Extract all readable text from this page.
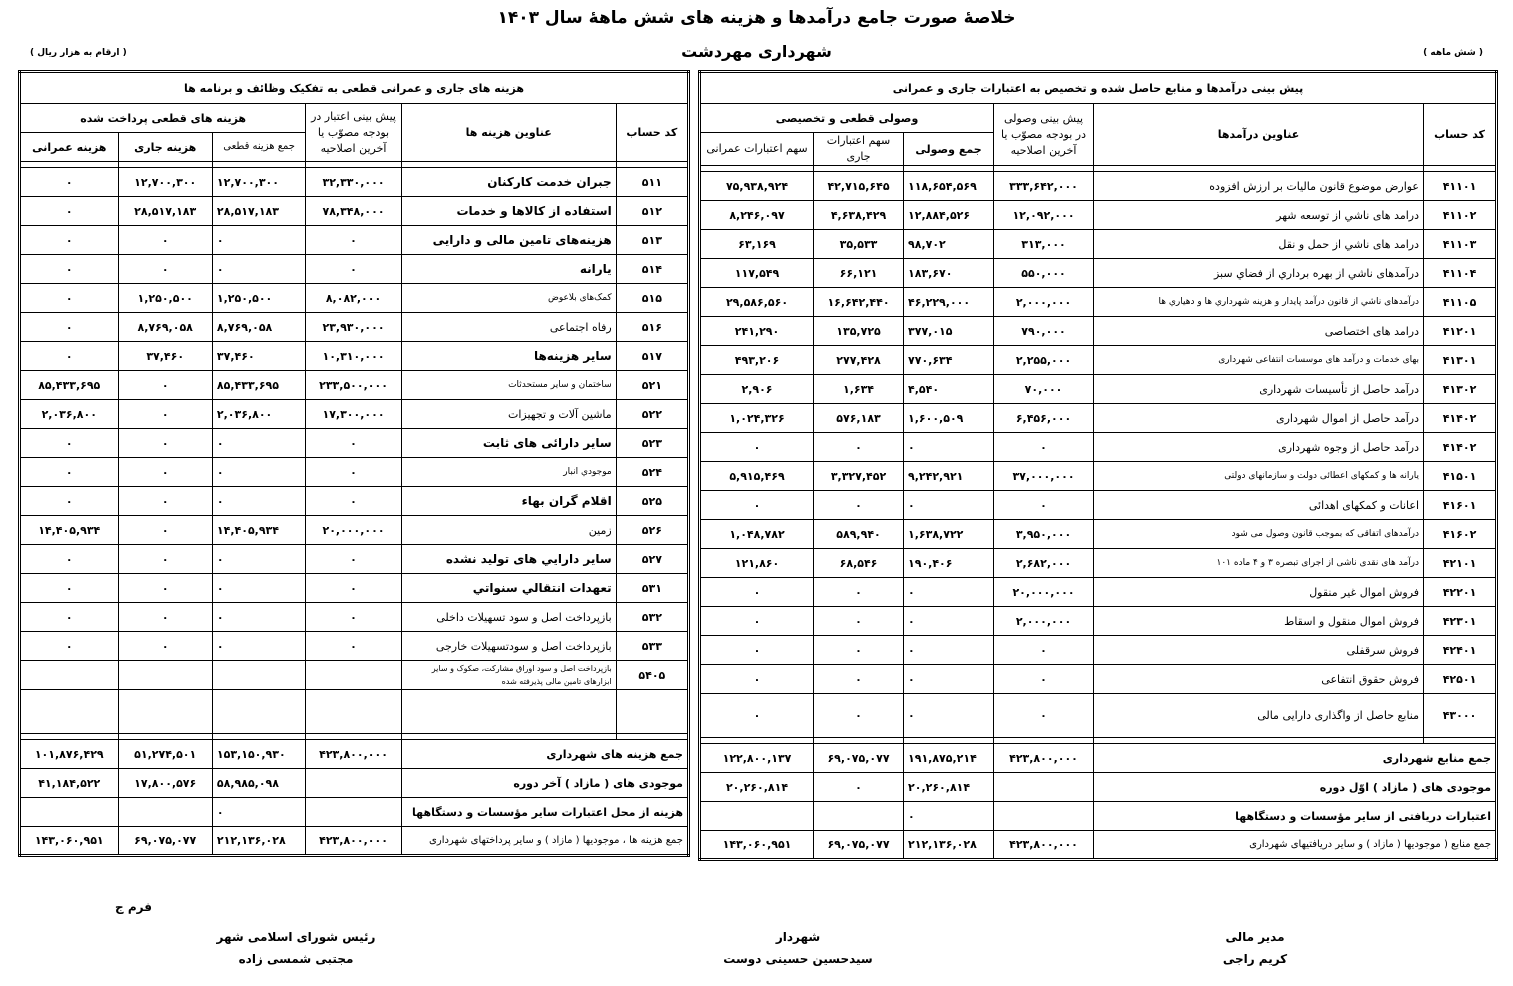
خلاصهٔ صورت جامع درآمدها و هزینه های شش ماههٔ سال ۱۴۰۳
شهرداری مهردشت
( ارقام به هزار ریال )	( شش ماهه )
پیش بینی درآمدها و منابع حاصل شده و تخصیص به اعتبارات جاری و عمرانی					
کد حساب	عناوین درآمدها	پیش بینی وصولی در بودجه مصوّب یا آخرین اصلاحیه	وصولی قطعی و تخصیصی		
			جمع وصولی	سهم اعتبارات جاری	سهم اعتبارات عمرانی

۴۱۱۰۱	عوارض موضوع قانون مالیات بر ارزش افزوده	۳۳۳,۶۴۲,۰۰۰	۱۱۸,۶۵۴,۵۶۹	۴۲,۷۱۵,۶۴۵	۷۵,۹۳۸,۹۲۴
۴۱۱۰۲	درامد های ناشي از توسعه شهر	۱۲,۰۹۲,۰۰۰	۱۲,۸۸۴,۵۲۶	۴,۶۳۸,۴۲۹	۸,۲۴۶,۰۹۷
۴۱۱۰۳	درامد های ناشي از حمل و نقل	۳۱۳,۰۰۰	۹۸,۷۰۲	۳۵,۵۳۳	۶۳,۱۶۹
۴۱۱۰۴	درآمدهای ناشي از بهره برداري از فضاي سبز	۵۵۰,۰۰۰	۱۸۳,۶۷۰	۶۶,۱۲۱	۱۱۷,۵۴۹
۴۱۱۰۵	درآمدهای ناشي از قانون درآمد پايدار و هزينه شهرداري ها و دهياري ها	۲,۰۰۰,۰۰۰	۴۶,۲۲۹,۰۰۰	۱۶,۶۴۲,۴۴۰	۲۹,۵۸۶,۵۶۰
۴۱۲۰۱	درامد های اختصاصی	۷۹۰,۰۰۰	۳۷۷,۰۱۵	۱۳۵,۷۲۵	۲۴۱,۲۹۰
۴۱۳۰۱	بهای خدمات و درآمد های موسسات انتفاعی شهرداری	۲,۲۵۵,۰۰۰	۷۷۰,۶۳۴	۲۷۷,۴۲۸	۴۹۳,۲۰۶
۴۱۳۰۲	درآمد حاصل از تأسیسات شهرداری	۷۰,۰۰۰	۴,۵۴۰	۱,۶۳۴	۲,۹۰۶
۴۱۴۰۲	درآمد حاصل از اموال شهرداری	۶,۴۵۶,۰۰۰	۱,۶۰۰,۵۰۹	۵۷۶,۱۸۳	۱,۰۲۴,۳۲۶
۴۱۴۰۲	درآمد حاصل از وجوه شهرداری	۰	۰	۰	۰
۴۱۵۰۱	یارانه ها و کمکهای اعطائی دولت و سازمانهای دولتی	۳۷,۰۰۰,۰۰۰	۹,۲۴۲,۹۲۱	۳,۳۲۷,۴۵۲	۵,۹۱۵,۴۶۹
۴۱۶۰۱	اعانات و کمکهای اهدائی	۰	۰	۰	۰
۴۱۶۰۲	درآمدهای اتفاقی که بموجب قانون وصول می شود	۳,۹۵۰,۰۰۰	۱,۶۳۸,۷۲۲	۵۸۹,۹۴۰	۱,۰۴۸,۷۸۲
۴۲۱۰۱	درآمد های نقدی ناشی از اجرای تبصره ۳ و ۴ ماده ۱۰۱	۲,۶۸۲,۰۰۰	۱۹۰,۴۰۶	۶۸,۵۴۶	۱۲۱,۸۶۰
۴۲۲۰۱	فروش اموال غیر منقول	۲۰,۰۰۰,۰۰۰	۰	۰	۰
۴۲۳۰۱	فروش اموال منقول و اسقاط	۲,۰۰۰,۰۰۰	۰	۰	۰
۴۲۴۰۱	فروش سرقفلی	۰	۰	۰	۰
۴۲۵۰۱	فروش حقوق انتفاعی	۰	۰	۰	۰
۴۳۰۰۰	منابع حاصل از واگذاری دارایی مالی	۰	۰	۰	۰

جمع منابع شهرداری		۴۲۳,۸۰۰,۰۰۰	۱۹۱,۸۷۵,۲۱۴	۶۹,۰۷۵,۰۷۷	۱۲۲,۸۰۰,۱۳۷
موجودی های ( مازاد ) اوّل دوره			۲۰,۲۶۰,۸۱۴	۰	۲۰,۲۶۰,۸۱۴
اعتبارات دریافتی از سایر مؤسسات و دستگاهها			۰		
جمع منابع ( موجودیها ( مازاد ) و سایر دریافتیهای شهرداری		۴۲۳,۸۰۰,۰۰۰	۲۱۲,۱۳۶,۰۲۸	۶۹,۰۷۵,۰۷۷	۱۴۳,۰۶۰,۹۵۱
هزینه های جاری و عمرانی قطعی به تفکیک وظائف و برنامه ها					
کد حساب	عناوین هزینه ها	پیش بینی اعتبار در بودجه مصوّب یا آخرین اصلاحیه	هزینه های قطعی پرداخت شده		
			جمع هزینه قطعی	هزینه جاری	هزینه عمرانی

۵۱۱	جبران خدمت کارکنان	۳۲,۳۳۰,۰۰۰	۱۲,۷۰۰,۳۰۰	۱۲,۷۰۰,۳۰۰	۰
۵۱۲	استفاده از کالاها و خدمات	۷۸,۳۴۸,۰۰۰	۲۸,۵۱۷,۱۸۳	۲۸,۵۱۷,۱۸۳	۰
۵۱۳	هزینه‌های تامین مالی و دارایی	۰	۰	۰	۰
۵۱۴	یارانه	۰	۰	۰	۰
۵۱۵	کمک‌های بلاعوض	۸,۰۸۲,۰۰۰	۱,۲۵۰,۵۰۰	۱,۲۵۰,۵۰۰	۰
۵۱۶	رفاه اجتماعی	۲۳,۹۳۰,۰۰۰	۸,۷۶۹,۰۵۸	۸,۷۶۹,۰۵۸	۰
۵۱۷	سایر هزینه‌ها	۱۰,۳۱۰,۰۰۰	۳۷,۴۶۰	۳۷,۴۶۰	۰
۵۲۱	ساختمان و سایر مستحدثات	۲۳۳,۵۰۰,۰۰۰	۸۵,۴۳۳,۶۹۵	۰	۸۵,۴۳۳,۶۹۵
۵۲۲	ماشین آلات و تجهیزات	۱۷,۳۰۰,۰۰۰	۲,۰۳۶,۸۰۰	۰	۲,۰۳۶,۸۰۰
۵۲۳	سایر دارائی های ثابت	۰	۰	۰	۰
۵۲۴	موجودي انبار	۰	۰	۰	۰
۵۲۵	اقلام گران بهاء	۰	۰	۰	۰
۵۲۶	زمین	۲۰,۰۰۰,۰۰۰	۱۴,۴۰۵,۹۳۴	۰	۱۴,۴۰۵,۹۳۴
۵۲۷	سایر دارایي های تولید نشده	۰	۰	۰	۰
۵۳۱	تعهدات انتقالي سنواتي	۰	۰	۰	۰
۵۳۲	بازپرداخت اصل و سود تسهیلات داخلی	۰	۰	۰	۰
۵۳۳	بازپرداخت اصل و سودتسهیلات خارجی	۰	۰	۰	۰
۵۴۰۵	بازپرداخت اصل و سود اوراق مشارکت، صکوک و سایر ابزارهای تامین مالی پذیرفته شده				

جمع هزینه های شهرداری		۴۲۳,۸۰۰,۰۰۰	۱۵۳,۱۵۰,۹۳۰	۵۱,۲۷۴,۵۰۱	۱۰۱,۸۷۶,۴۲۹
موجودی های ( مازاد ) آخر دوره			۵۸,۹۸۵,۰۹۸	۱۷,۸۰۰,۵۷۶	۴۱,۱۸۴,۵۲۲
هزینه از محل اعتبارات سایر مؤسسات و دستگاهها			۰		
جمع هزینه ها ، موجودیها ( مازاد ) و سایر پرداختهای شهرداری		۴۲۳,۸۰۰,۰۰۰	۲۱۲,۱۳۶,۰۲۸	۶۹,۰۷۵,۰۷۷	۱۴۳,۰۶۰,۹۵۱
فرم ج
مدیر مالی
کریم راجی
شهردار
سیدحسین حسینی دوست
رئیس شورای اسلامی شهر
مجتبی شمسی زاده
